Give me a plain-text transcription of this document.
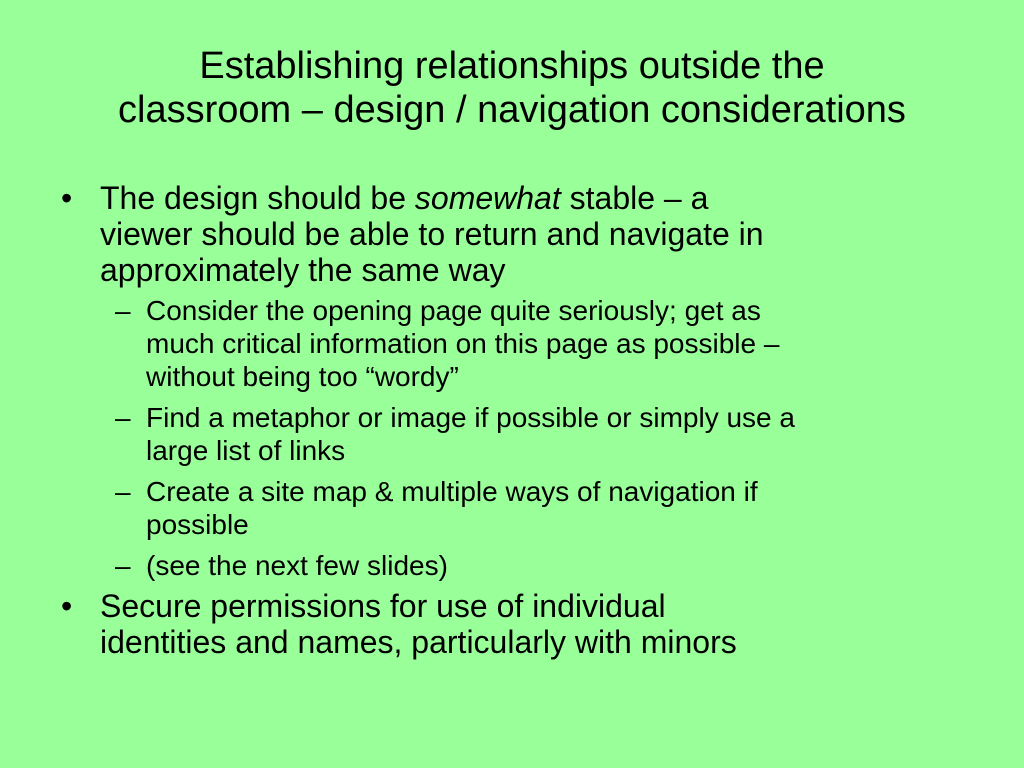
Establishing relationships outside the
classroom – design / navigation considerations
• The design should be somewhat stable – a
viewer should be able to return and navigate in
approximately the same way
– Consider the opening page quite seriously; get as
much critical information on this page as possible –
without being too “wordy”
– Find a metaphor or image if possible or simply use a
large list of links
– Create a site map & multiple ways of navigation if
possible
– (see the next few slides)
• Secure permissions for use of individual
identities and names, particularly with minors
